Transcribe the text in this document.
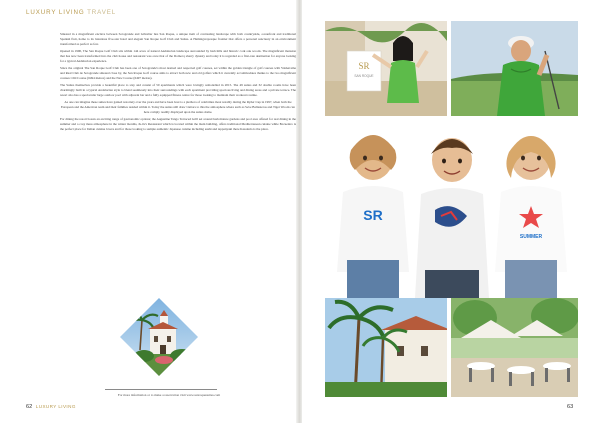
LUXURY LIVING TRAVEL

Situated in a magnificent enclave between Sotogrande and Gibraltar lies San Roque, a unique item of contrasting landscape with both countryside, oceanfront and traditional Spanish flair, home to its luxurious five-star hotel and elegant San Roque Golf Club and Suites. A Hemingwayesque frontier that offers a personal sanctuary in an environment transformed as perfect as few.

Opened in 1990, The San Roque Golf Club sits within 144 acres of natural Andalucian landscape surrounded by lush hills and historic cork oak woods. The magnificent mansion that has now been transformed into the club house and restaurant was once that of the Domecq sherry dynasty and today it is regarded as a first-rate destination for anyone looking for a typical Andalucian experience.

Since the original The San Roque Golf Club has been one of Sotogrande's most desired and respected golf courses, set within the golden triangle of golf courses with Valderrama and Real Club de Sotogrande situated close by, the San Roque Golf course aims to attract both new and old golfers which it currently accommodates thanks to the two magnificent courses: Old Course (6494 metres) and the New Course (6497 metres).

The Suites themselves provide a beautiful place to stay and consist of 50 apartments which were lovingly remodelled in 2015. The 49 suites and 32 double rooms have been charmingly built in a typical Andalucian style to blend seamlessly into their surroundings with each apartment providing spacious living and dining areas and a private terrace. The resort also has a spectacular large outdoor pool with adjacent bar and a fully equipped fitness centre for those looking to maintain their workout routine.

As one can imagine these suites have gained notoriety over the years and have been host to a plethora of celebrities most notably during the Ryder Cup in 1997, when both the European and the American team and their families resided within it. Today the suites still draw visitors to this the atmosphere where such as Seve Ballesteros and Tiger Woods can here comply readily displayed upon the suites dome.

For dining the resort boasts an exciting range of gastronomic options; the Augustine Tango Terraced Grill set around lush mature gardens and pool area offered for real dining in the summer and a cosy mess atmosphere in the winter months, Ju-Ju's Restaurant which is located within the main building, offers traditional Mediterranean cuisine while Encuentro is the perfect place for Italian cuisine lovers and for those looking to sample authentic Japanese cuisine including sushi and teppanyaki there Kasaleria is the place.

For more information or to make a reservation visit www.sanroquesuites.com
62 LUXURY LIVING
SR
SAN ROQUE
SR
SUMMER
63
